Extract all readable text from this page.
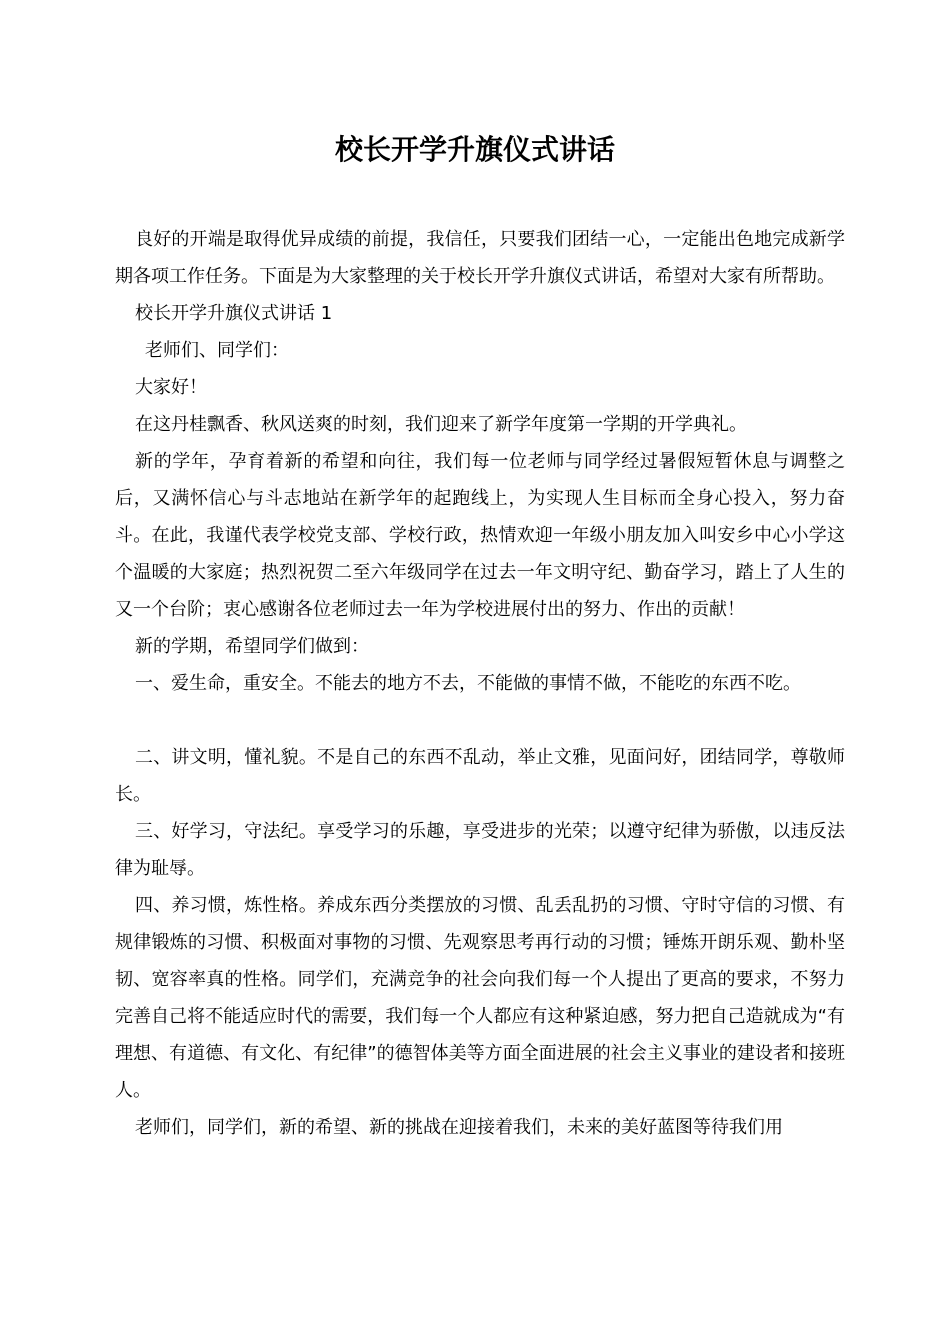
校长开学升旗仪式讲话

良好的开端是取得优异成绩的前提，我信任，只要我们团结一心，一定能出色地完成新学期各项工作任务。下面是为大家整理的关于校长开学升旗仪式讲话，希望对大家有所帮助。

校长开学升旗仪式讲话 1

老师们、同学们：

大家好！

在这丹桂飘香、秋风送爽的时刻，我们迎来了新学年度第一学期的开学典礼。

新的学年，孕育着新的希望和向往，我们每一位老师与同学经过暑假短暂休息与调整之后，又满怀信心与斗志地站在新学年的起跑线上，为实现人生目标而全身心投入，努力奋斗。在此，我谨代表学校党支部、学校行政，热情欢迎一年级小朋友加入叫安乡中心小学这个温暖的大家庭；热烈祝贺二至六年级同学在过去一年文明守纪、勤奋学习，踏上了人生的又一个台阶；衷心感谢各位老师过去一年为学校进展付出的努力、作出的贡献！

新的学期，希望同学们做到：

一、爱生命，重安全。不能去的地方不去，不能做的事情不做，不能吃的东西不吃。

二、讲文明，懂礼貌。不是自己的东西不乱动，举止文雅，见面问好，团结同学，尊敬师长。

三、好学习，守法纪。享受学习的乐趣，享受进步的光荣；以遵守纪律为骄傲，以违反法律为耻辱。

四、养习惯，炼性格。养成东西分类摆放的习惯、乱丢乱扔的习惯、守时守信的习惯、有规律锻炼的习惯、积极面对事物的习惯、先观察思考再行动的习惯；锤炼开朗乐观、勤朴坚韧、宽容率真的性格。同学们，充满竞争的社会向我们每一个人提出了更高的要求，不努力完善自己将不能适应时代的需要，我们每一个人都应有这种紧迫感，努力把自己造就成为“有理想、有道德、有文化、有纪律”的德智体美等方面全面进展的社会主义事业的建设者和接班人。

老师们，同学们，新的希望、新的挑战在迎接着我们，未来的美好蓝图等待我们用
